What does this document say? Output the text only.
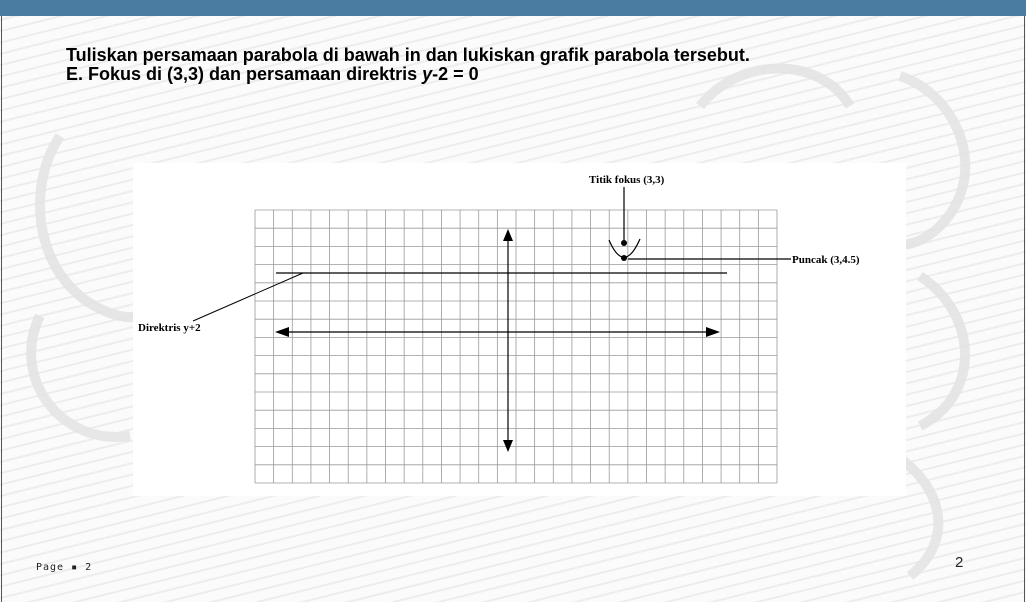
Tuliskan persamaan parabola di bawah in dan lukiskan grafik parabola tersebut.
E. Fokus di (3,3) dan persamaan direktris y-2 = 0
Titik fokus (3,3)
Puncak (3,4.5)
Direktris y+2
Page ▪ 2	2
